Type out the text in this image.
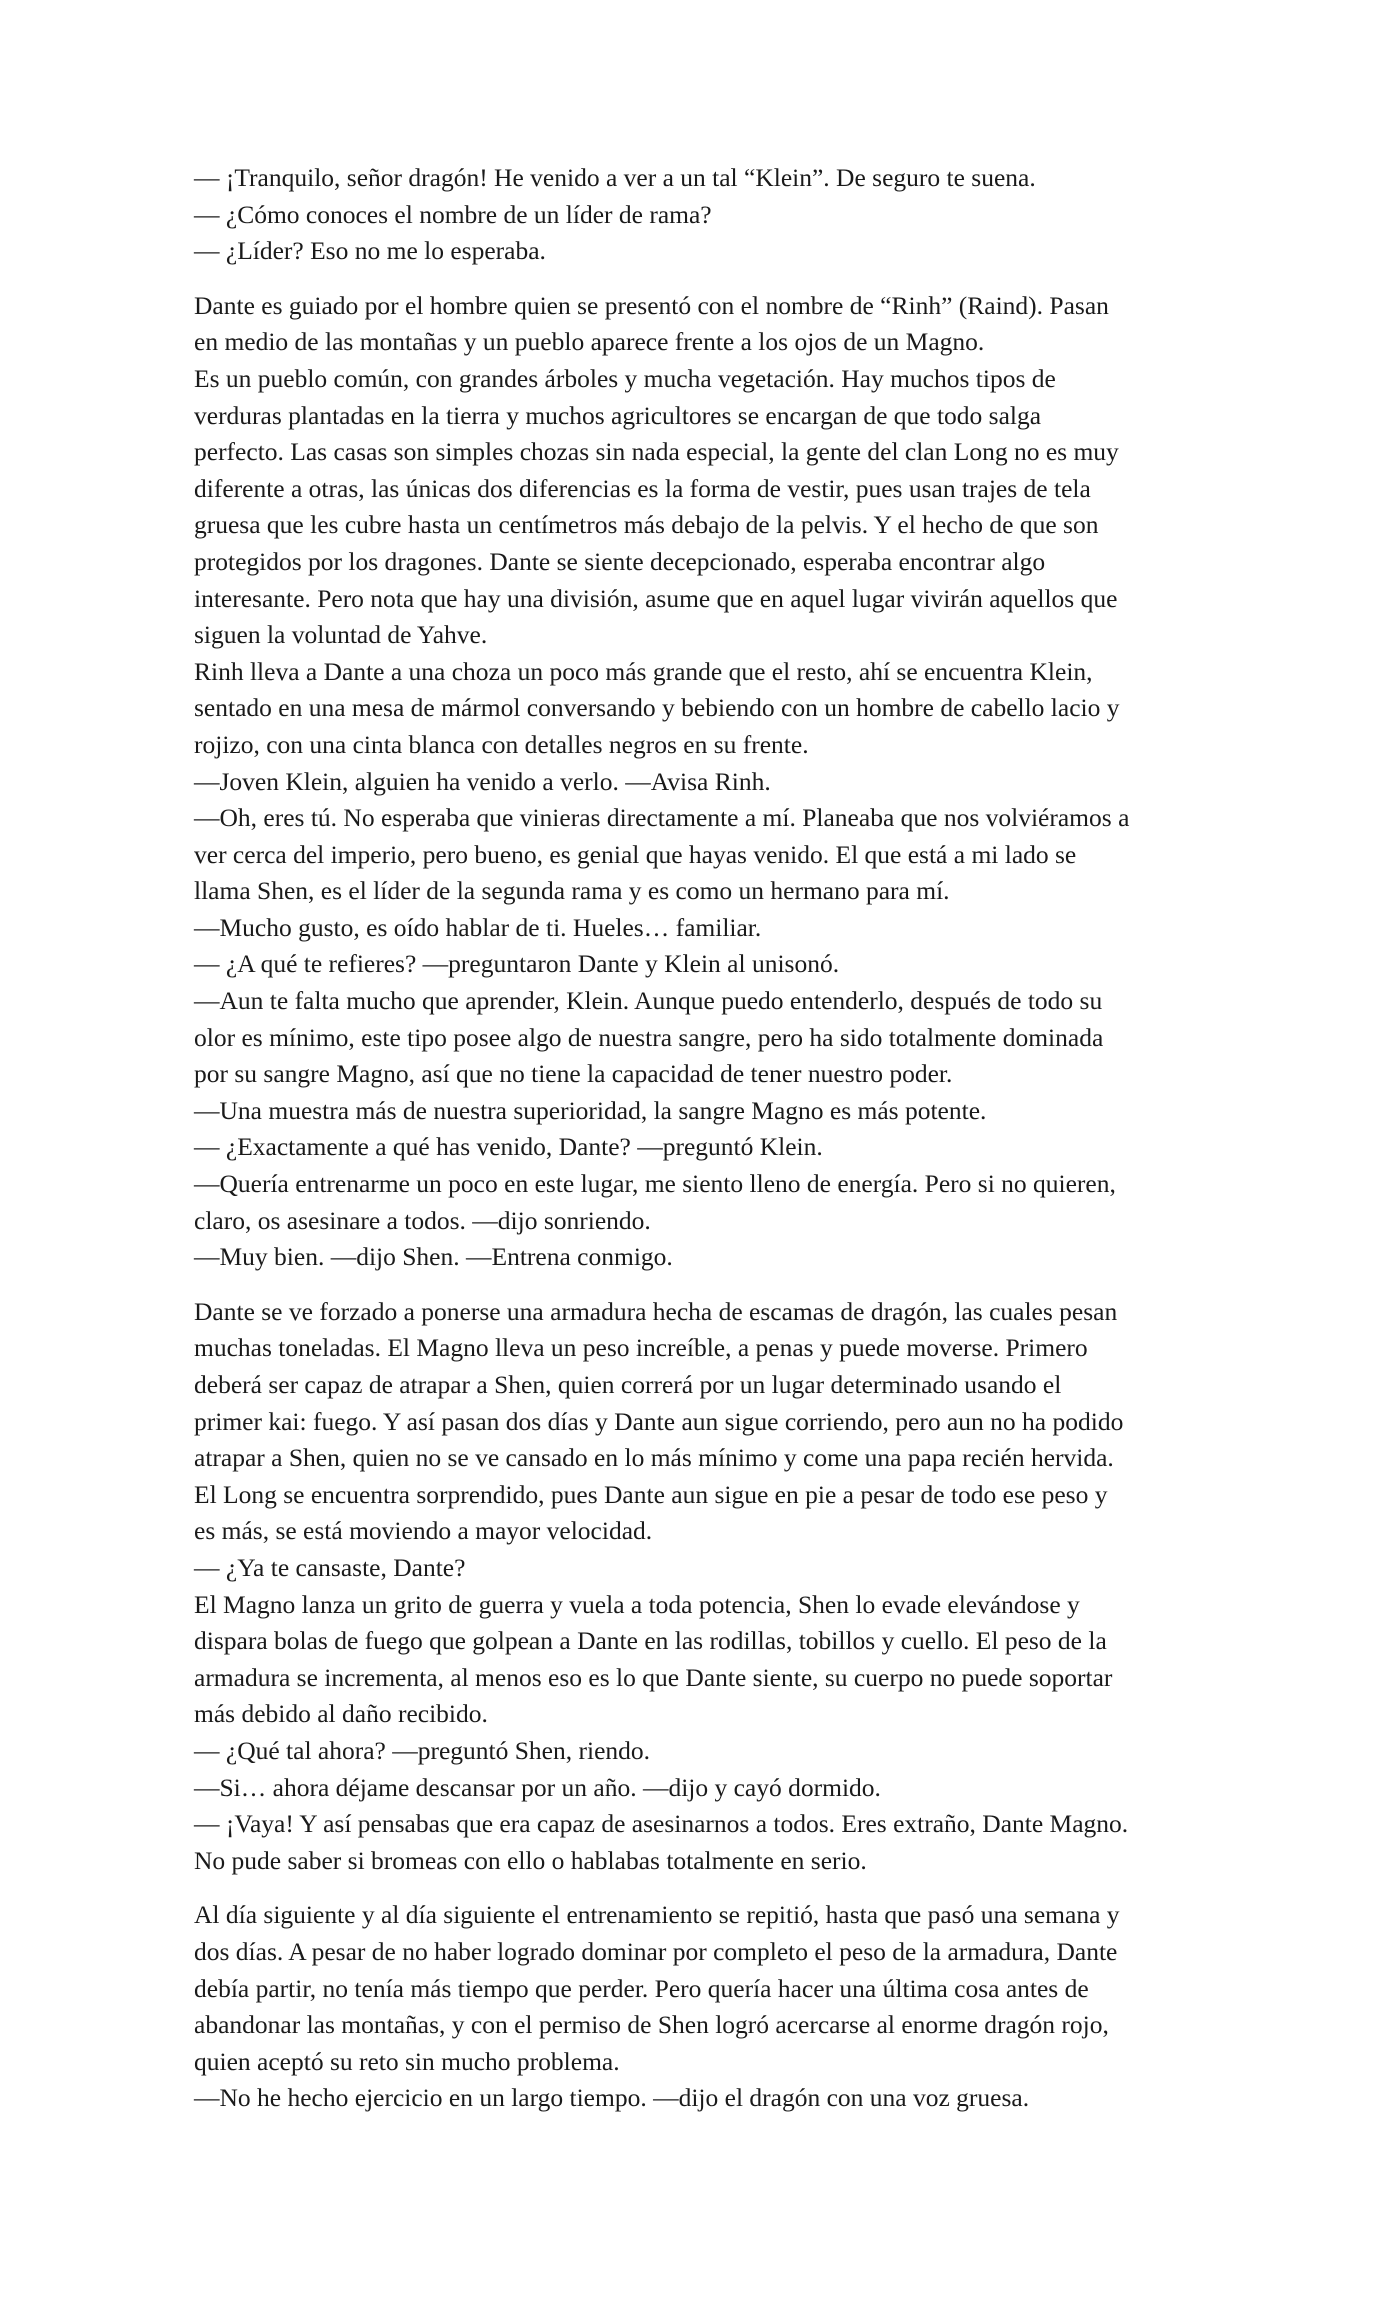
— ¡Tranquilo, señor dragón! He venido a ver a un tal “Klein”. De seguro te suena.
— ¿Cómo conoces el nombre de un líder de rama?
— ¿Líder? Eso no me lo esperaba.
Dante es guiado por el hombre quien se presentó con el nombre de “Rinh” (Raind). Pasan
en medio de las montañas y un pueblo aparece frente a los ojos de un Magno.
Es un pueblo común, con grandes árboles y mucha vegetación. Hay muchos tipos de
verduras plantadas en la tierra y muchos agricultores se encargan de que todo salga
perfecto. Las casas son simples chozas sin nada especial, la gente del clan Long no es muy
diferente a otras, las únicas dos diferencias es la forma de vestir, pues usan trajes de tela
gruesa que les cubre hasta un centímetros más debajo de la pelvis. Y el hecho de que son
protegidos por los dragones. Dante se siente decepcionado, esperaba encontrar algo
interesante. Pero nota que hay una división, asume que en aquel lugar vivirán aquellos que
siguen la voluntad de Yahve.
Rinh lleva a Dante a una choza un poco más grande que el resto, ahí se encuentra Klein,
sentado en una mesa de mármol conversando y bebiendo con un hombre de cabello lacio y
rojizo, con una cinta blanca con detalles negros en su frente.
—Joven Klein, alguien ha venido a verlo. —Avisa Rinh.
—Oh, eres tú. No esperaba que vinieras directamente a mí. Planeaba que nos volviéramos a
ver cerca del imperio, pero bueno, es genial que hayas venido. El que está a mi lado se
llama Shen, es el líder de la segunda rama y es como un hermano para mí.
—Mucho gusto, es oído hablar de ti. Hueles… familiar.
— ¿A qué te refieres? —preguntaron Dante y Klein al unisonó.
—Aun te falta mucho que aprender, Klein. Aunque puedo entenderlo, después de todo su
olor es mínimo, este tipo posee algo de nuestra sangre, pero ha sido totalmente dominada
por su sangre Magno, así que no tiene la capacidad de tener nuestro poder.
—Una muestra más de nuestra superioridad, la sangre Magno es más potente.
— ¿Exactamente a qué has venido, Dante? —preguntó Klein.
—Quería entrenarme un poco en este lugar, me siento lleno de energía. Pero si no quieren,
claro, os asesinare a todos. —dijo sonriendo.
—Muy bien. —dijo Shen. —Entrena conmigo.
Dante se ve forzado a ponerse una armadura hecha de escamas de dragón, las cuales pesan
muchas toneladas. El Magno lleva un peso increíble, a penas y puede moverse. Primero
deberá ser capaz de atrapar a Shen, quien correrá por un lugar determinado usando el
primer kai: fuego. Y así pasan dos días y Dante aun sigue corriendo, pero aun no ha podido
atrapar a Shen, quien no se ve cansado en lo más mínimo y come una papa recién hervida.
El Long se encuentra sorprendido, pues Dante aun sigue en pie a pesar de todo ese peso y
es más, se está moviendo a mayor velocidad.
— ¿Ya te cansaste, Dante?
El Magno lanza un grito de guerra y vuela a toda potencia, Shen lo evade elevándose y
dispara bolas de fuego que golpean a Dante en las rodillas, tobillos y cuello. El peso de la
armadura se incrementa, al menos eso es lo que Dante siente, su cuerpo no puede soportar
más debido al daño recibido.
— ¿Qué tal ahora? —preguntó Shen, riendo.
—Si… ahora déjame descansar por un año. —dijo y cayó dormido.
— ¡Vaya! Y así pensabas que era capaz de asesinarnos a todos. Eres extraño, Dante Magno.
No pude saber si bromeas con ello o hablabas totalmente en serio.
Al día siguiente y al día siguiente el entrenamiento se repitió, hasta que pasó una semana y
dos días. A pesar de no haber logrado dominar por completo el peso de la armadura, Dante
debía partir, no tenía más tiempo que perder. Pero quería hacer una última cosa antes de
abandonar las montañas, y con el permiso de Shen logró acercarse al enorme dragón rojo,
quien aceptó su reto sin mucho problema.
—No he hecho ejercicio en un largo tiempo. —dijo el dragón con una voz gruesa.
